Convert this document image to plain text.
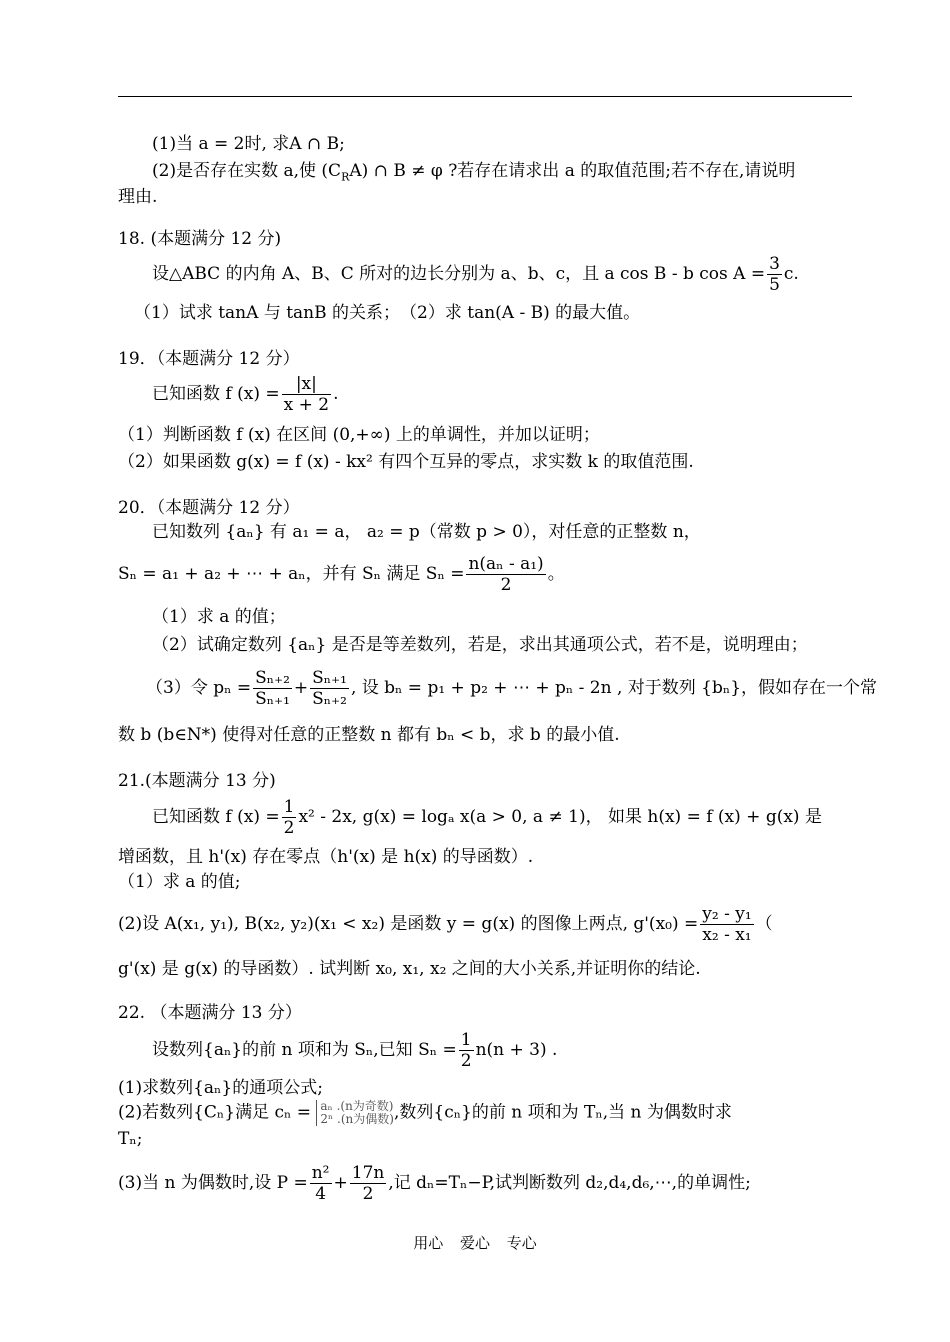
(1)当 a = 2时, 求A ∩ B;
(2)是否存在实数 a,使 $(C_RA)$ ∩ B ≠ φ ?若存在请求出 a 的取值范围;若不存在,请说明
理由.
18. (本题满分 12 分)
设△ABC 的内角 A、B、C 所对的边长分别为 a、b、c，且 a cos B - b $\cos A = \frac{3}{5} c$.
（1）试求 tanA 与 tanB 的关系；　（2）求 tan(A - B) 的最大值。
19．（本题满分 12 分）
已知函数 f $(x) = \frac{|x|}{x + 2}$ .
（1）判断函数 f (x) 在区间 (0,+∞) 上的单调性，并加以证明；
（2）如果函数 g(x) = f (x) - kx² 有四个互异的零点，求实数 k 的取值范围.
20．（本题满分 12 分）
已知数列 {aₙ} 有 a₁ = a， a₂ = p（常数 p > 0），对任意的正整数 n，
Sₙ = a₁ + a₂ + ⋯ + aₙ，并有 Sₙ 满足 $S_n = \frac{\text{n(aₙ - a₁)}}{2}$ 。
（1）求 a 的值；
（2）试确定数列 {aₙ} 是否是等差数列，若是，求出其通项公式，若不是，说明理由；
（3）令 $p_n = \frac{\text{Sₙ₊₂}}{\text{Sₙ₊₁}} + \frac{\text{Sₙ₊₁}}{\text{Sₙ₊₂}}$ , 设 bₙ = p₁ + p₂ + ⋯ + pₙ - 2n , 对于数列 {bₙ}，假如存在一个常
数 b (b∈N*) 使得对任意的正整数 n 都有 bₙ < b，求 b 的最小值.
21.(本题满分 13 分)
已知函数 f $(x) = \frac{1}{2} x^2 - 2x$, g(x) = logₐ x(a > 0, a ≠ 1)， 如果 h(x) = f (x) + g(x) 是
增函数，且 h'(x) 存在零点（h'(x) 是 h(x) 的导函数）.
（1）求 a 的值;
(2)设 A(x₁, y₁), B(x₂, y₂)(x₁ < x₂) 是函数 y = g(x) 的图像上两点, $g'(x_0) = \frac{\text{y₂ - y₁}}{\text{x₂ - x₁}}$ （
g'(x) 是 g(x) 的导函数）. 试判断 x₀, x₁, x₂ 之间的大小关系,并证明你的结论.
22. （本题满分 13 分）
设数列{aₙ}的前 n 项和为 Sₙ,已知 $S_n = \frac{1}{2} n(n + 3)$ .
(1)求数列{aₙ}的通项公式;
(2)若数列{Cₙ}满足 cₙ = aₙ .(n为奇数)
2ⁿ .(n为偶数) ,数列{cₙ}的前 n 项和为 Tₙ,当 n 为偶数时求
Tₙ;
(3)当 n 为偶数时,设 $P = \frac{\text{n²}}{4} + \frac{17n}{2}$ ,记 dₙ=Tₙ−P,试判断数列 d₂,d₄,d₆,⋯,的单调性;
用心 爱心 专心
